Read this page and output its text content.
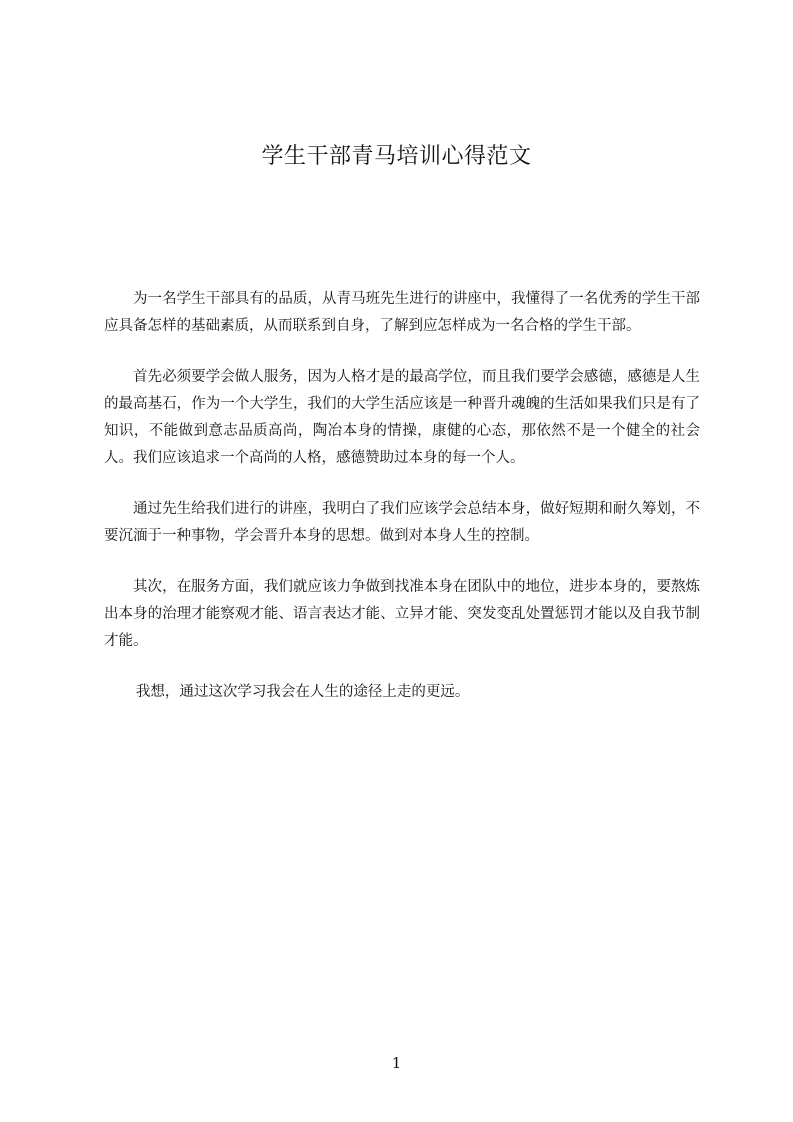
学生干部青马培训心得范文

为一名学生干部具有的品质，从青马班先生进行的讲座中，我懂得了一名优秀的学生干部应具备怎样的基础素质，从而联系到自身，了解到应怎样成为一名合格的学生干部。

首先必须要学会做人服务，因为人格才是的最高学位，而且我们要学会感德，感德是人生的最高基石，作为一个大学生，我们的大学生活应该是一种晋升魂魄的生活如果我们只是有了知识，不能做到意志品质高尚，陶冶本身的情操，康健的心态，那依然不是一个健全的社会人。我们应该追求一个高尚的人格，感德赞助过本身的每一个人。

通过先生给我们进行的讲座，我明白了我们应该学会总结本身，做好短期和耐久筹划，不要沉湎于一种事物，学会晋升本身的思想。做到对本身人生的控制。

其次，在服务方面，我们就应该力争做到找准本身在团队中的地位，进步本身的，要熬炼出本身的治理才能察观才能、语言表达才能、立异才能、突发变乱处置惩罚才能以及自我节制才能。

我想，通过这次学习我会在人生的途径上走的更远。

1
